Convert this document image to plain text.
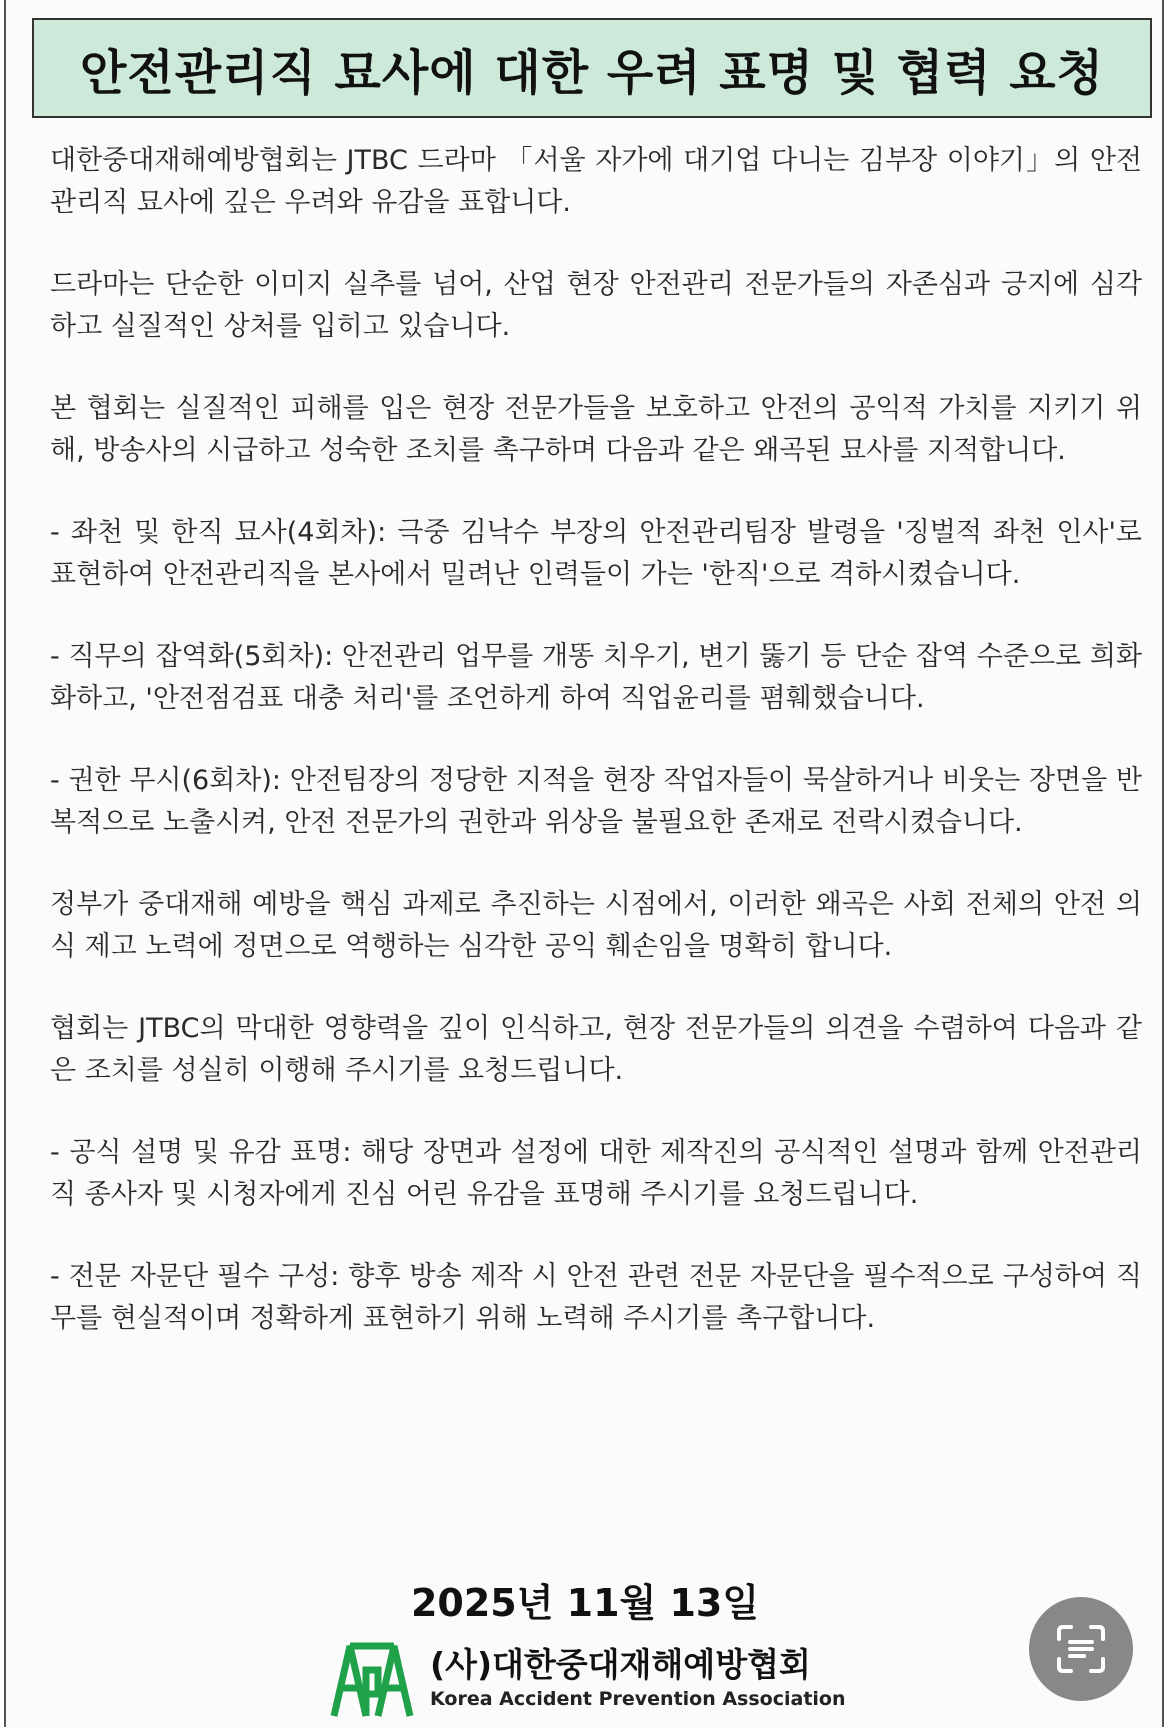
안전관리직 묘사에 대한 우려 표명 및 협력 요청

대한중대재해예방협회는 JTBC 드라마 「서울 자가에 대기업 다니는 김부장 이야기」의 안전관리직 묘사에 깊은 우려와 유감을 표합니다.

드라마는 단순한 이미지 실추를 넘어, 산업 현장 안전관리 전문가들의 자존심과 긍지에 심각하고 실질적인 상처를 입히고 있습니다.

본 협회는 실질적인 피해를 입은 현장 전문가들을 보호하고 안전의 공익적 가치를 지키기 위해, 방송사의 시급하고 성숙한 조치를 촉구하며 다음과 같은 왜곡된 묘사를 지적합니다.

- 좌천 및 한직 묘사(4회차): 극중 김낙수 부장의 안전관리팀장 발령을 '징벌적 좌천 인사'로 표현하여 안전관리직을 본사에서 밀려난 인력들이 가는 '한직'으로 격하시켰습니다.

- 직무의 잡역화(5회차): 안전관리 업무를 개똥 치우기, 변기 뚫기 등 단순 잡역 수준으로 희화화하고, '안전점검표 대충 처리'를 조언하게 하여 직업윤리를 폄훼했습니다.

- 권한 무시(6회차): 안전팀장의 정당한 지적을 현장 작업자들이 묵살하거나 비웃는 장면을 반복적으로 노출시켜, 안전 전문가의 권한과 위상을 불필요한 존재로 전락시켰습니다.

정부가 중대재해 예방을 핵심 과제로 추진하는 시점에서, 이러한 왜곡은 사회 전체의 안전 의식 제고 노력에 정면으로 역행하는 심각한 공익 훼손임을 명확히 합니다.

협회는 JTBC의 막대한 영향력을 깊이 인식하고, 현장 전문가들의 의견을 수렴하여 다음과 같은 조치를 성실히 이행해 주시기를 요청드립니다.

- 공식 설명 및 유감 표명: 해당 장면과 설정에 대한 제작진의 공식적인 설명과 함께 안전관리직 종사자 및 시청자에게 진심 어린 유감을 표명해 주시기를 요청드립니다.

- 전문 자문단 필수 구성: 향후 방송 제작 시 안전 관련 전문 자문단을 필수적으로 구성하여 직무를 현실적이며 정확하게 표현하기 위해 노력해 주시기를 촉구합니다.

2025년 11월 13일
(사)대한중대재해예방협회
Korea Accident Prevention Association
